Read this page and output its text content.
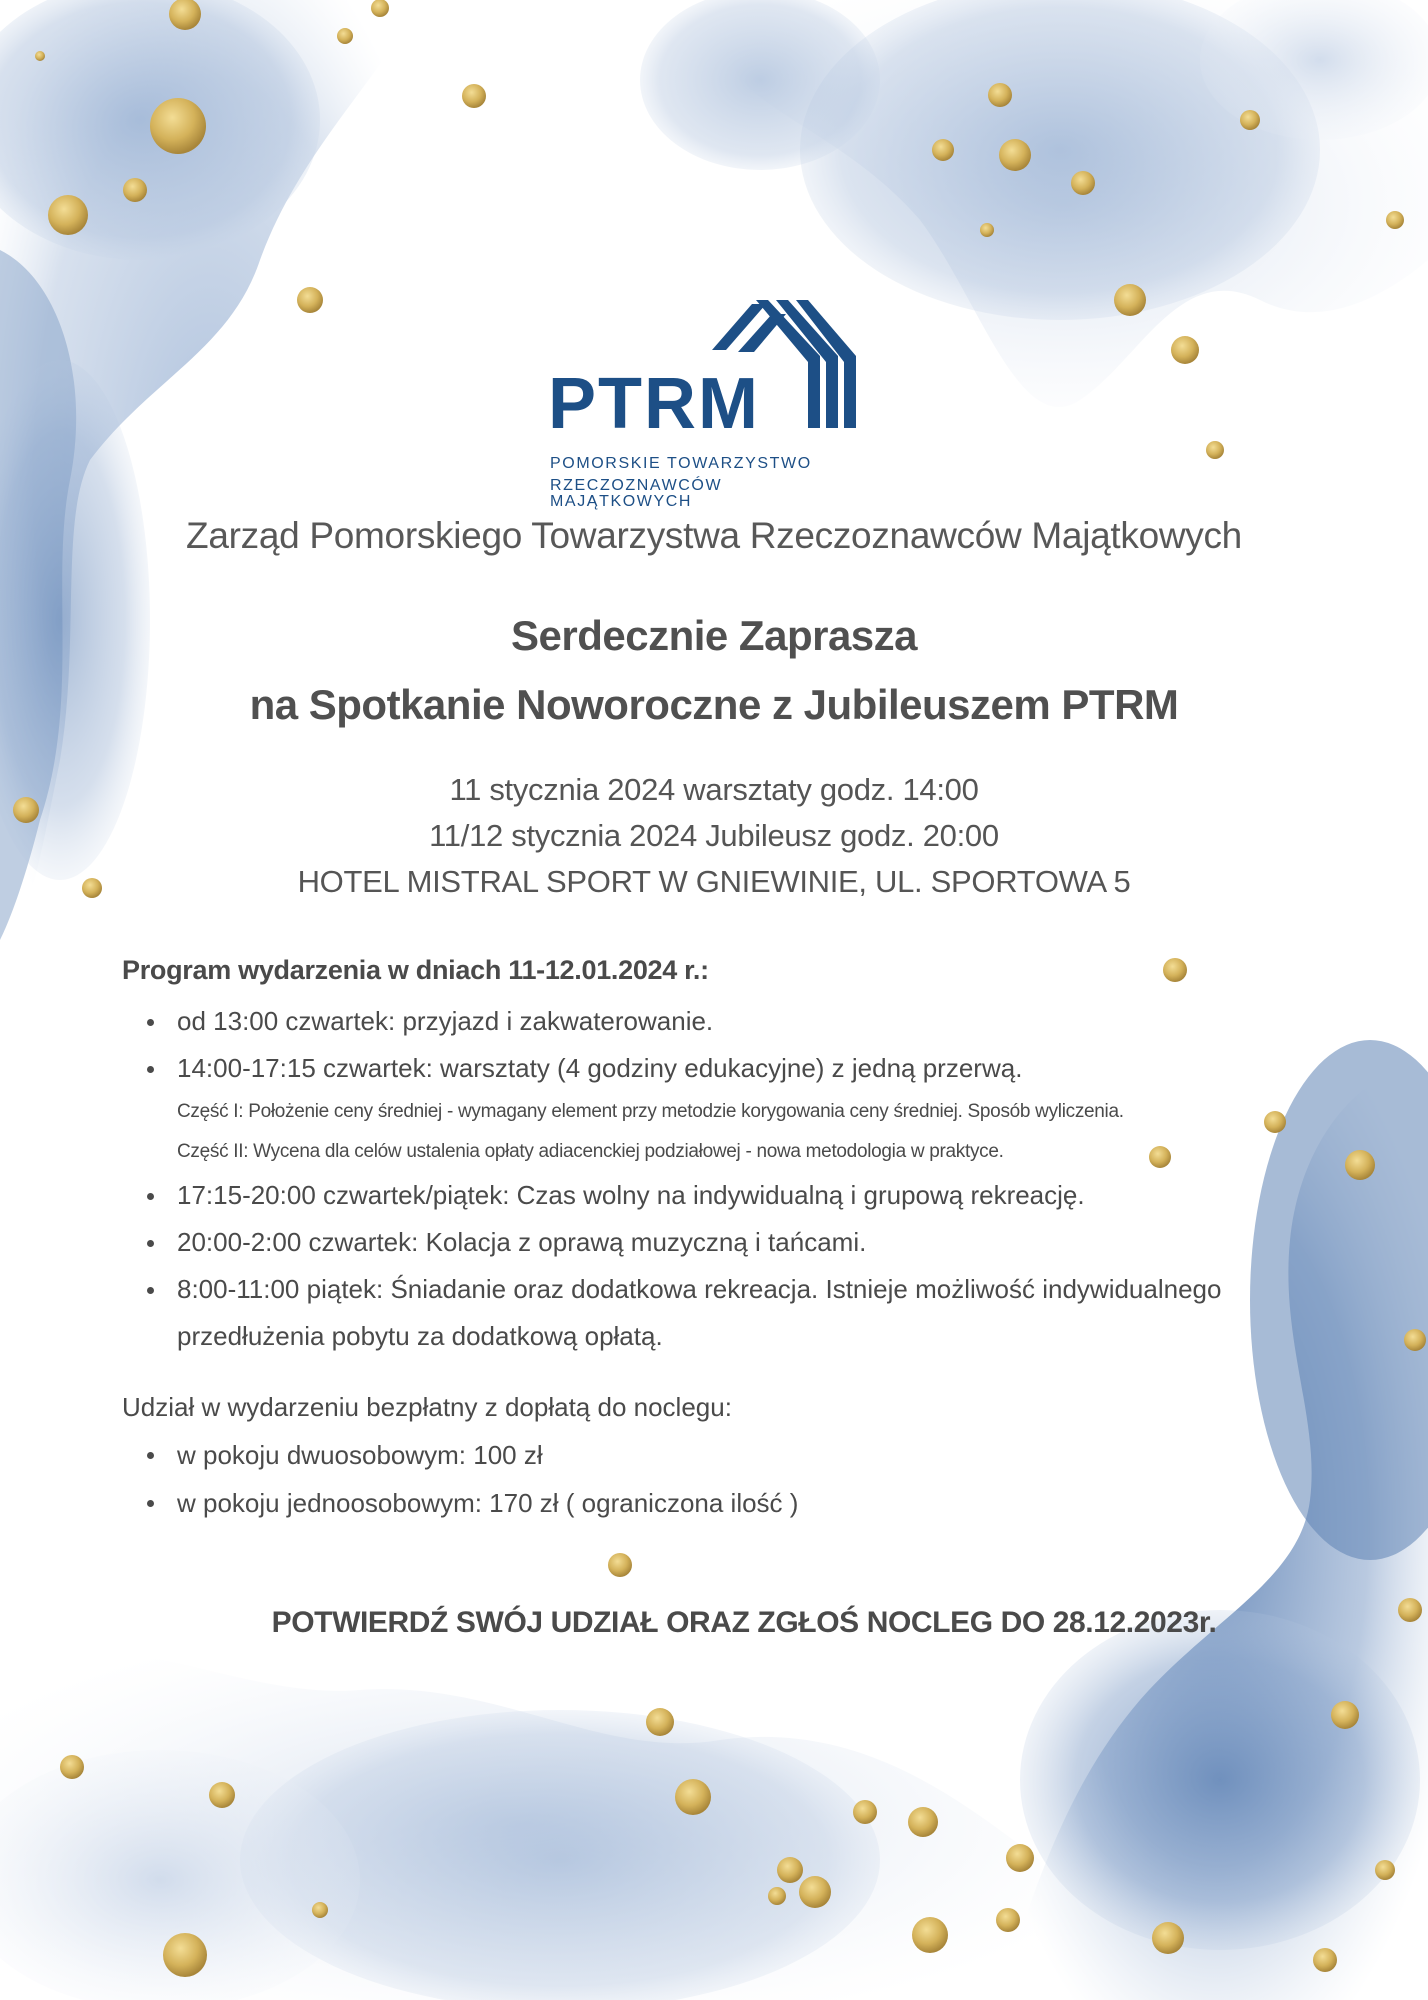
PTRM
POMORSKIE TOWARZYSTWO
RZECZOZNAWCÓW MAJĄTKOWYCH
Zarząd Pomorskiego Towarzystwa Rzeczoznawców Majątkowych
Serdecznie Zaprasza
na Spotkanie Noworoczne z Jubileuszem PTRM
11 stycznia 2024 warsztaty godz. 14:00
11/12 stycznia 2024 Jubileusz godz. 20:00
HOTEL MISTRAL SPORT W GNIEWINIE, UL. SPORTOWA 5
Program wydarzenia w dniach 11-12.01.2024 r.:
od 13:00 czwartek: przyjazd i zakwaterowanie.
14:00-17:15 czwartek: warsztaty (4 godziny edukacyjne) z jedną przerwą.
Część I: Położenie ceny średniej - wymagany element przy metodzie korygowania ceny średniej. Sposób wyliczenia.
Część II: Wycena dla celów ustalenia opłaty adiacenckiej podziałowej - nowa metodologia w praktyce.
17:15-20:00 czwartek/piątek: Czas wolny na indywidualną i grupową rekreację.
20:00-2:00 czwartek: Kolacja z oprawą muzyczną i tańcami.
8:00-11:00 piątek: Śniadanie oraz dodatkowa rekreacja. Istnieje możliwość indywidualnego
przedłużenia pobytu za dodatkową opłatą.

Udział w wydarzeniu bezpłatny z dopłatą do noclegu:

w pokoju dwuosobowym: 100 zł
w pokoju jednoosobowym: 170 zł ( ograniczona ilość )
POTWIERDŹ SWÓJ UDZIAŁ ORAZ ZGŁOŚ NOCLEG DO 28.12.2023r.
